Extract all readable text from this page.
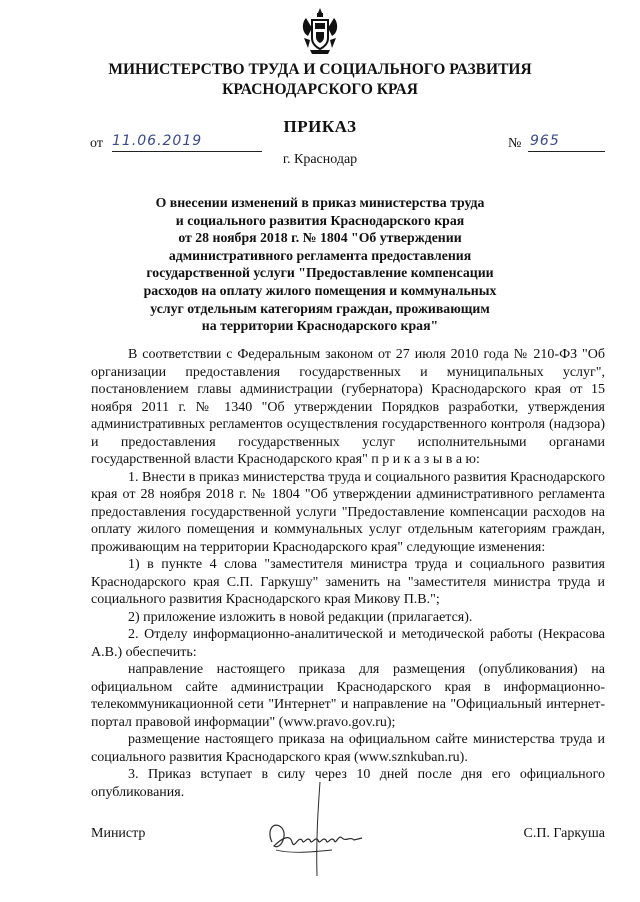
МИНИСТЕРСТВО ТРУДА И СОЦИАЛЬНОГО РАЗВИТИЯ
КРАСНОДАРСКОГО КРАЯ
ПРИКАЗ
от 11.06.2019	№ 965
г. Краснодар
О внесении изменений в приказ министерства труда
и социального развития Краснодарского края
от 28 ноября 2018 г. № 1804 "Об утверждении
административного регламента предоставления
государственной услуги "Предоставление компенсации
расходов на оплату жилого помещения и коммунальных
услуг отдельным категориям граждан, проживающим
на территории Краснодарского края"

В соответствии с Федеральным законом от 27 июля 2010 года № 210-ФЗ "Об организации предоставления государственных и муниципальных услуг", постановлением главы администрации (губернатора) Краснодарского края от 15 ноября 2011 г. № 1340 "Об утверждении Порядков разработки, утверждения административных регламентов осуществления государственного контроля (надзора) и предоставления государственных услуг исполнительными органами государственной власти Краснодарского края" п р и к а з ы в а ю:

1. Внести в приказ министерства труда и социального развития Краснодарского края от 28 ноября 2018 г. № 1804 "Об утверждении административного регламента предоставления государственной услуги "Предоставление компенсации расходов на оплату жилого помещения и коммунальных услуг отдельным категориям граждан, проживающим на территории Краснодарского края" следующие изменения:

1) в пункте 4 слова "заместителя министра труда и социального развития Краснодарского края С.П. Гаркушу" заменить на "заместителя министра труда и социального развития Краснодарского края Микову П.В.";

2) приложение изложить в новой редакции (прилагается).

2. Отделу информационно-аналитической и методической работы (Некрасова А.В.) обеспечить:

направление настоящего приказа для размещения (опубликования) на официальном сайте администрации Краснодарского края в информационно-телекоммуникационной сети "Интернет" и направление на "Официальный интернет-портал правовой информации" (www.pravo.gov.ru);

размещение настоящего приказа на официальном сайте министерства труда и социального развития Краснодарского края (www.sznkuban.ru).

3. Приказ вступает в силу через 10 дней после дня его официального опубликования.

Министр	С.П. Гаркуша
